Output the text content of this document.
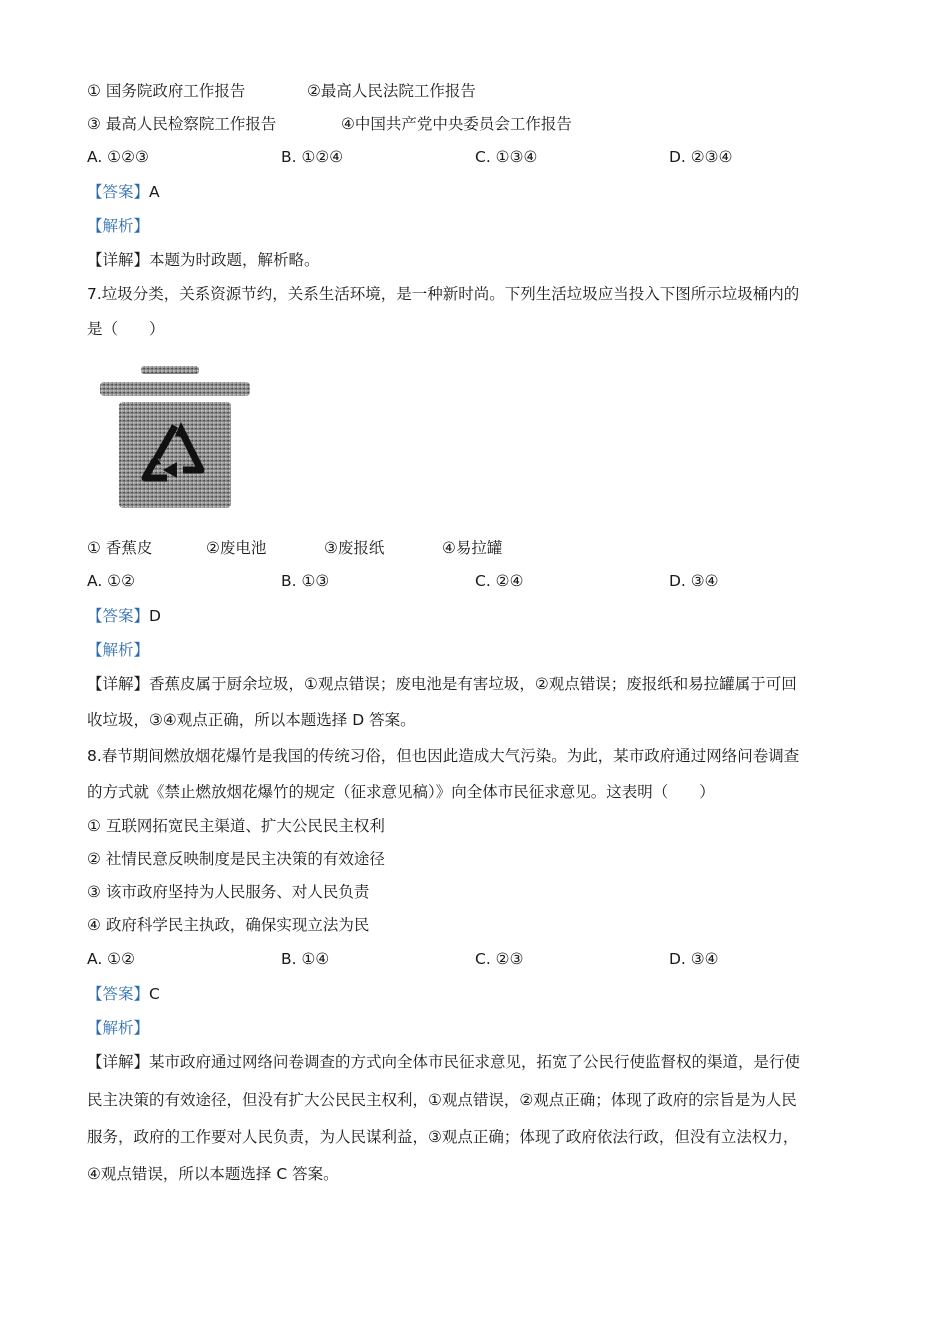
① 国务院政府工作报告	②最高人民法院工作报告
③ 最高人民检察院工作报告	④中国共产党中央委员会工作报告
A. ①②③	B. ①②④	C. ①③④	D. ②③④
【答案】A
【解析】
【详解】本题为时政题，解析略。
7.垃圾分类，关系资源节约，关系生活环境，是一种新时尚。下列生活垃圾应当投入下图所示垃圾桶内的
是（　　）
① 香蕉皮	②废电池	③废报纸	④易拉罐
A. ①②	B. ①③	C. ②④	D. ③④
【答案】D
【解析】
【详解】香蕉皮属于厨余垃圾，①观点错误；废电池是有害垃圾，②观点错误；废报纸和易拉罐属于可回
收垃圾，③④观点正确，所以本题选择 D 答案。
8.春节期间燃放烟花爆竹是我国的传统习俗，但也因此造成大气污染。为此，某市政府通过网络问卷调查
的方式就《禁止燃放烟花爆竹的规定（征求意见稿）》向全体市民征求意见。这表明（　　）
① 互联网拓宽民主渠道、扩大公民民主权利
② 社情民意反映制度是民主决策的有效途径
③ 该市政府坚持为人民服务、对人民负责
④ 政府科学民主执政，确保实现立法为民
A. ①②	B. ①④	C. ②③	D. ③④
【答案】C
【解析】
【详解】某市政府通过网络问卷调查的方式向全体市民征求意见，拓宽了公民行使监督权的渠道，是行使
民主决策的有效途径，但没有扩大公民民主权利，①观点错误，②观点正确；体现了政府的宗旨是为人民
服务，政府的工作要对人民负责，为人民谋利益，③观点正确；体现了政府依法行政，但没有立法权力，
④观点错误，所以本题选择 C 答案。
